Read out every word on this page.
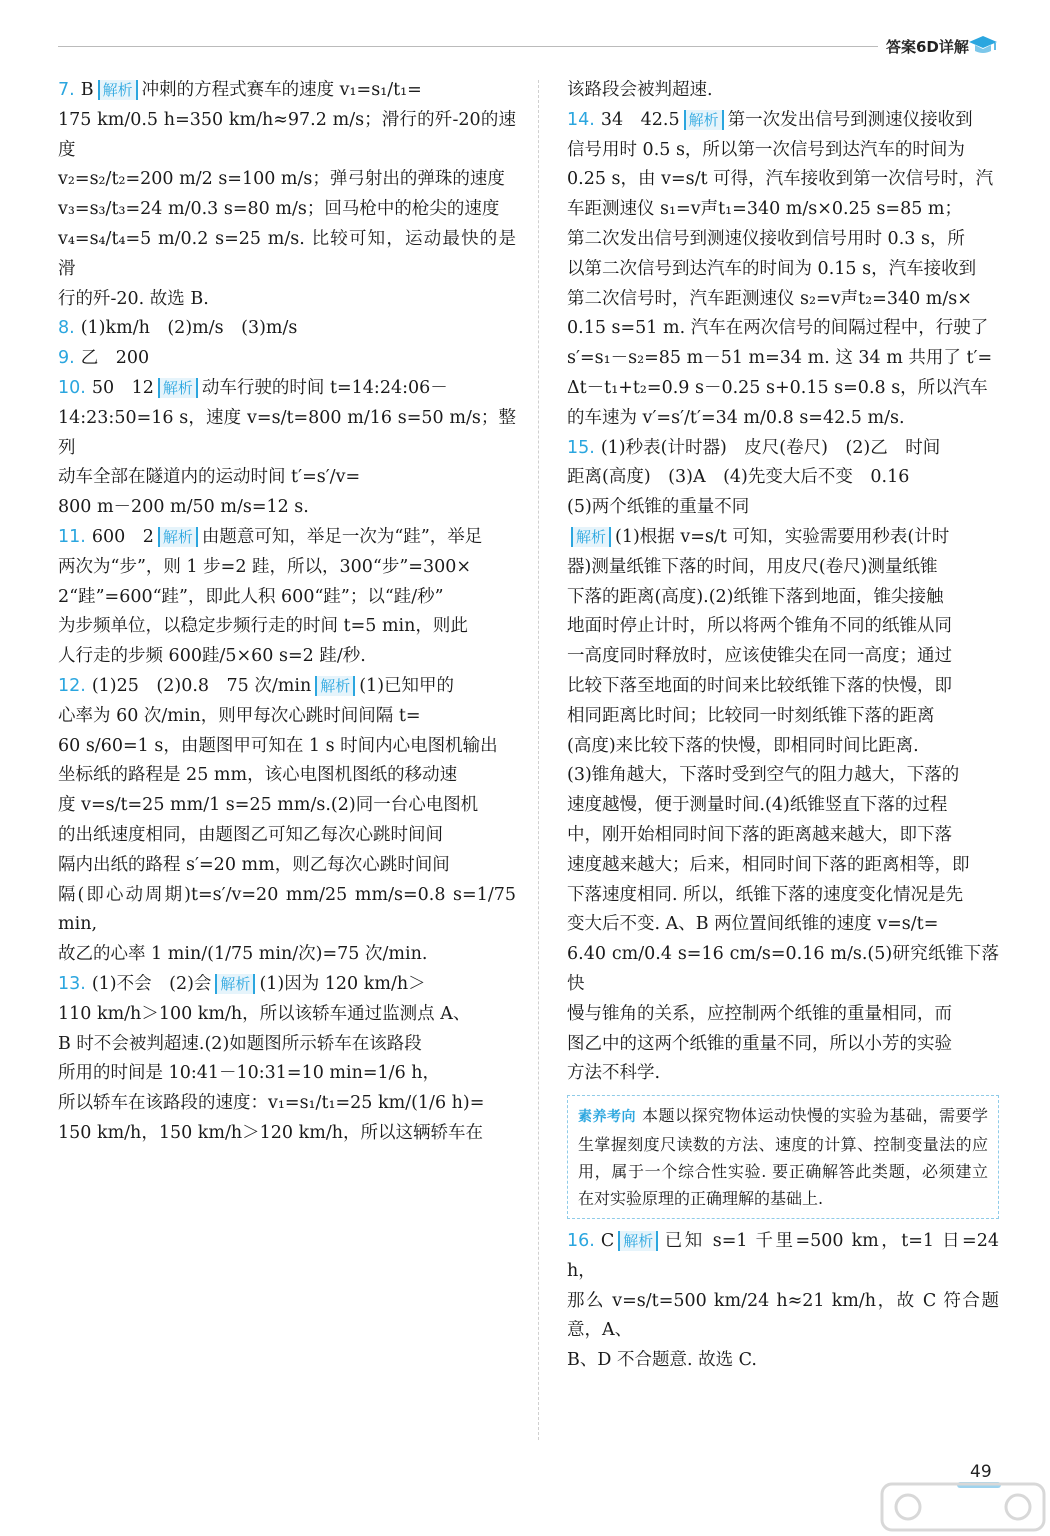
答案6D详解

7. B 解析 冲刺的方程式赛车的速度 v₁=s₁/t₁=

175 km/0.5 h=350 km/h≈97.2 m/s；滑行的歼-20的速度

v₂=s₂/t₂=200 m/2 s=100 m/s；弹弓射出的弹珠的速度

v₃=s₃/t₃=24 m/0.3 s=80 m/s；回马枪中的枪尖的速度

v₄=s₄/t₄=5 m/0.2 s=25 m/s. 比较可知，运动最快的是滑

行的歼-20. 故选 B.

8. (1)km/h　(2)m/s　(3)m/s

9. 乙　200

10. 50　12 解析 动车行驶的时间 t=14:24:06－

14:23:50=16 s，速度 v=s/t=800 m/16 s=50 m/s；整列

动车全部在隧道内的运动时间 t′=s′/v=

800 m－200 m/50 m/s=12 s.

11. 600　2 解析 由题意可知，举足一次为“跬”，举足

两次为“步”，则 1 步=2 跬，所以，300“步”=300×

2“跬”=600“跬”，即此人积 600“跬”；以“跬/秒”

为步频单位，以稳定步频行走的时间 t=5 min，则此

人行走的步频 600跬/5×60 s=2 跬/秒.

12. (1)25　(2)0.8　75 次/min 解析 (1)已知甲的

心率为 60 次/min，则甲每次心跳时间间隔 t=

60 s/60=1 s，由题图甲可知在 1 s 时间内心电图机输出

坐标纸的路程是 25 mm，该心电图机图纸的移动速

度 v=s/t=25 mm/1 s=25 mm/s.(2)同一台心电图机

的出纸速度相同，由题图乙可知乙每次心跳时间间

隔内出纸的路程 s′=20 mm，则乙每次心跳时间间

隔(即心动周期)t=s′/v=20 mm/25 mm/s=0.8 s=1/75 min,

故乙的心率 1 min/(1/75 min/次)=75 次/min.

13. (1)不会　(2)会 解析 (1)因为 120 km/h＞

110 km/h＞100 km/h，所以该轿车通过监测点 A、

B 时不会被判超速.(2)如题图所示轿车在该路段

所用的时间是 10:41－10:31=10 min=1/6 h，

所以轿车在该路段的速度：v₁=s₁/t₁=25 km/(1/6 h)=

150 km/h，150 km/h＞120 km/h，所以这辆轿车在

该路段会被判超速.

14. 34　42.5 解析 第一次发出信号到测速仪接收到

信号用时 0.5 s，所以第一次信号到达汽车的时间为

0.25 s，由 v=s/t 可得，汽车接收到第一次信号时，汽

车距测速仪 s₁=v声t₁=340 m/s×0.25 s=85 m；

第二次发出信号到测速仪接收到信号用时 0.3 s，所

以第二次信号到达汽车的时间为 0.15 s，汽车接收到

第二次信号时，汽车距测速仪 s₂=v声t₂=340 m/s×

0.15 s=51 m. 汽车在两次信号的间隔过程中，行驶了

s′=s₁－s₂=85 m－51 m=34 m. 这 34 m 共用了 t′=

Δt－t₁+t₂=0.9 s－0.25 s+0.15 s=0.8 s，所以汽车

的车速为 v′=s′/t′=34 m/0.8 s=42.5 m/s.

15. (1)秒表(计时器)　皮尺(卷尺)　(2)乙　时间

距离(高度)　(3)A　(4)先变大后不变　0.16

(5)两个纸锥的重量不同

解析 (1)根据 v=s/t 可知，实验需要用秒表(计时

器)测量纸锥下落的时间，用皮尺(卷尺)测量纸锥

下落的距离(高度).(2)纸锥下落到地面，锥尖接触

地面时停止计时，所以将两个锥角不同的纸锥从同

一高度同时释放时，应该使锥尖在同一高度；通过

比较下落至地面的时间来比较纸锥下落的快慢，即

相同距离比时间；比较同一时刻纸锥下落的距离

(高度)来比较下落的快慢，即相同时间比距离.

(3)锥角越大，下落时受到空气的阻力越大，下落的

速度越慢，便于测量时间.(4)纸锥竖直下落的过程

中，刚开始相同时间下落的距离越来越大，即下落

速度越来越大；后来，相同时间下落的距离相等，即

下落速度相同. 所以，纸锥下落的速度变化情况是先

变大后不变. A、B 两位置间纸锥的速度 v=s/t=

6.40 cm/0.4 s=16 cm/s=0.16 m/s.(5)研究纸锥下落快

慢与锥角的关系，应控制两个纸锥的重量相同，而

图乙中的这两个纸锥的重量不同，所以小芳的实验

方法不科学.

素养考向 本题以探究物体运动快慢的实验为基础，需要学生掌握刻度尺读数的方法、速度的计算、控制变量法的应用，属于一个综合性实验. 要正确解答此类题，必须建立在对实验原理的正确理解的基础上.

16. C 解析 已知 s=1 千里=500 km，t=1 日=24 h，

那么 v=s/t=500 km/24 h≈21 km/h，故 C 符合题意，A、

B、D 不合题意. 故选 C.

49
